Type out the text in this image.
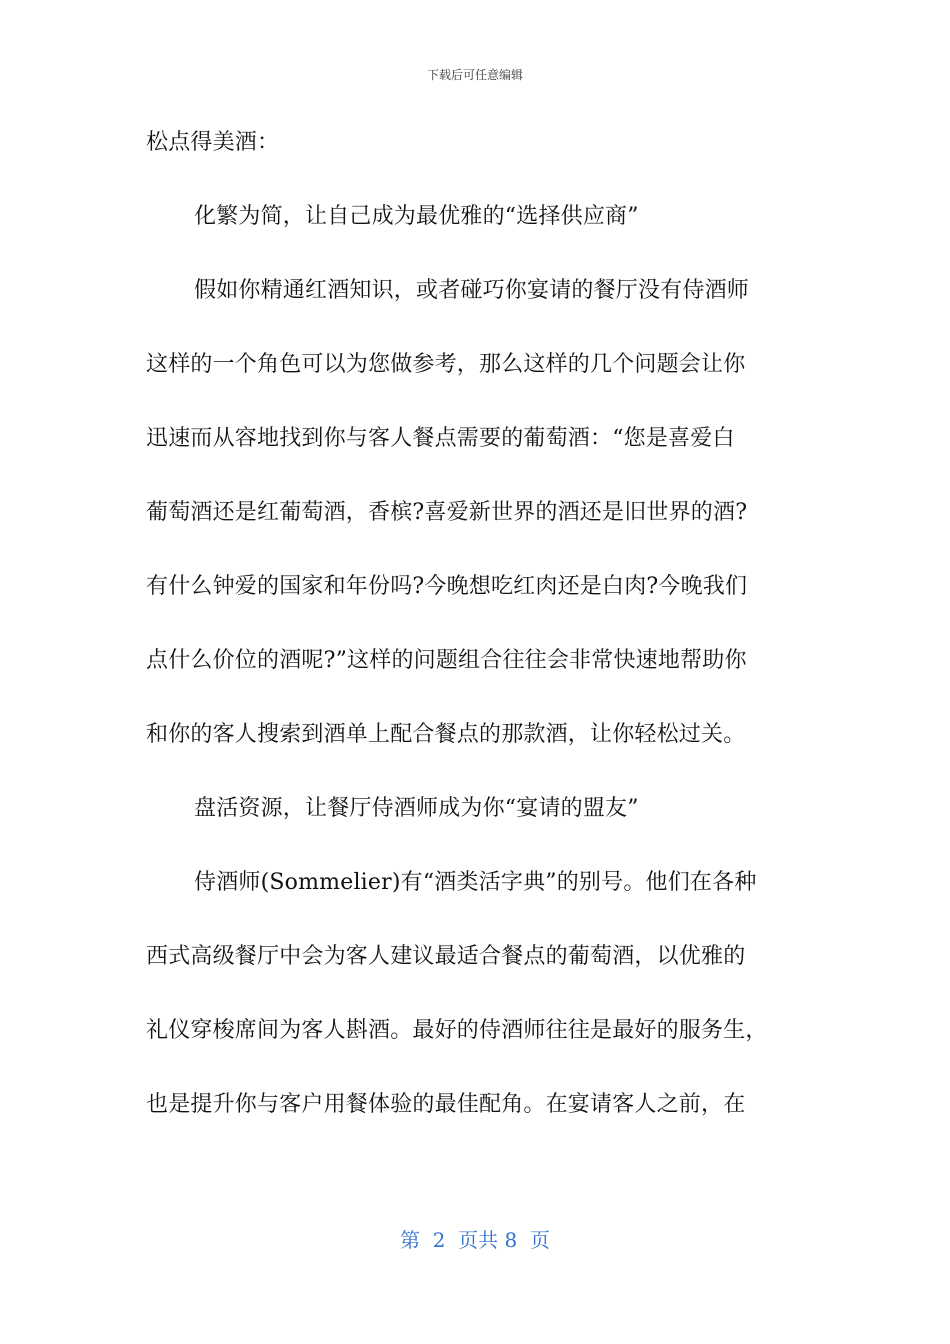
下载后可任意编辑
松点得美酒：
化繁为简，让自己成为最优雅的“选择供应商”
假如你精通红酒知识，或者碰巧你宴请的餐厅没有侍酒师
这样的一个角色可以为您做参考，那么这样的几个问题会让你
迅速而从容地找到你与客人餐点需要的葡萄酒：“您是喜爱白
葡萄酒还是红葡萄酒，香槟?喜爱新世界的酒还是旧世界的酒?
有什么钟爱的国家和年份吗?今晚想吃红肉还是白肉?今晚我们
点什么价位的酒呢?”这样的问题组合往往会非常快速地帮助你
和你的客人搜索到酒单上配合餐点的那款酒，让你轻松过关。
盘活资源，让餐厅侍酒师成为你“宴请的盟友”
侍酒师(Sommelier)有“酒类活字典”的别号。他们在各种
西式高级餐厅中会为客人建议最适合餐点的葡萄酒，以优雅的
礼仪穿梭席间为客人斟酒。最好的侍酒师往往是最好的服务生，
也是提升你与客户用餐体验的最佳配角。在宴请客人之前，在
第  2  页共 8  页
